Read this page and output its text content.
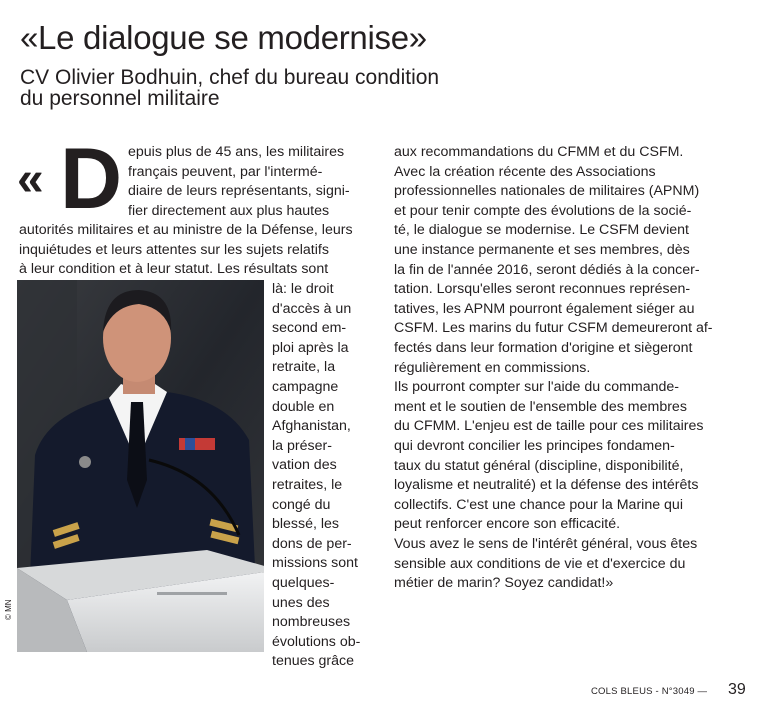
«Le dialogue se modernise»
CV Olivier Bodhuin, chef du bureau condition
du personnel militaire
« D epuis plus de 45 ans, les militaires
français peuvent, par l'intermé-
diaire de leurs représentants, signi-
fier directement aux plus hautes
autorités militaires et au ministre de la Défense, leurs
inquiétudes et leurs attentes sur les sujets relatifs
à leur condition et à leur statut. Les résultats sont
là: le droit
d'accès à un
second em-
ploi après la
retraite, la
campagne
double en
Afghanistan,
la préser-
vation des
retraites, le
congé du
blessé, les
dons de per-
missions sont
quelques-
unes des
nombreuses
évolutions ob-
tenues grâce
aux recommandations du CFMM et du CSFM.
Avec la création récente des Associations
professionnelles nationales de militaires (APNM)
et pour tenir compte des évolutions de la socié-
té, le dialogue se modernise. Le CSFM devient
une instance permanente et ses membres, dès
la fin de l'année 2016, seront dédiés à la concer-
tation. Lorsqu'elles seront reconnues représen-
tatives, les APNM pourront également siéger au
CSFM. Les marins du futur CSFM demeureront af-
fectés dans leur formation d'origine et siègeront
régulièrement en commissions.
Ils pourront compter sur l'aide du commande-
ment et le soutien de l'ensemble des membres
du CFMM. L'enjeu est de taille pour ces militaires
qui devront concilier les principes fondamen-
taux du statut général (discipline, disponibilité,
loyalisme et neutralité) et la défense des intérêts
collectifs. C'est une chance pour la Marine qui
peut renforcer encore son efficacité.
Vous avez le sens de l'intérêt général, vous êtes
sensible aux conditions de vie et d'exercice du
métier de marin? Soyez candidat!»
© MN
COLS BLEUS - N°3049 — 39
